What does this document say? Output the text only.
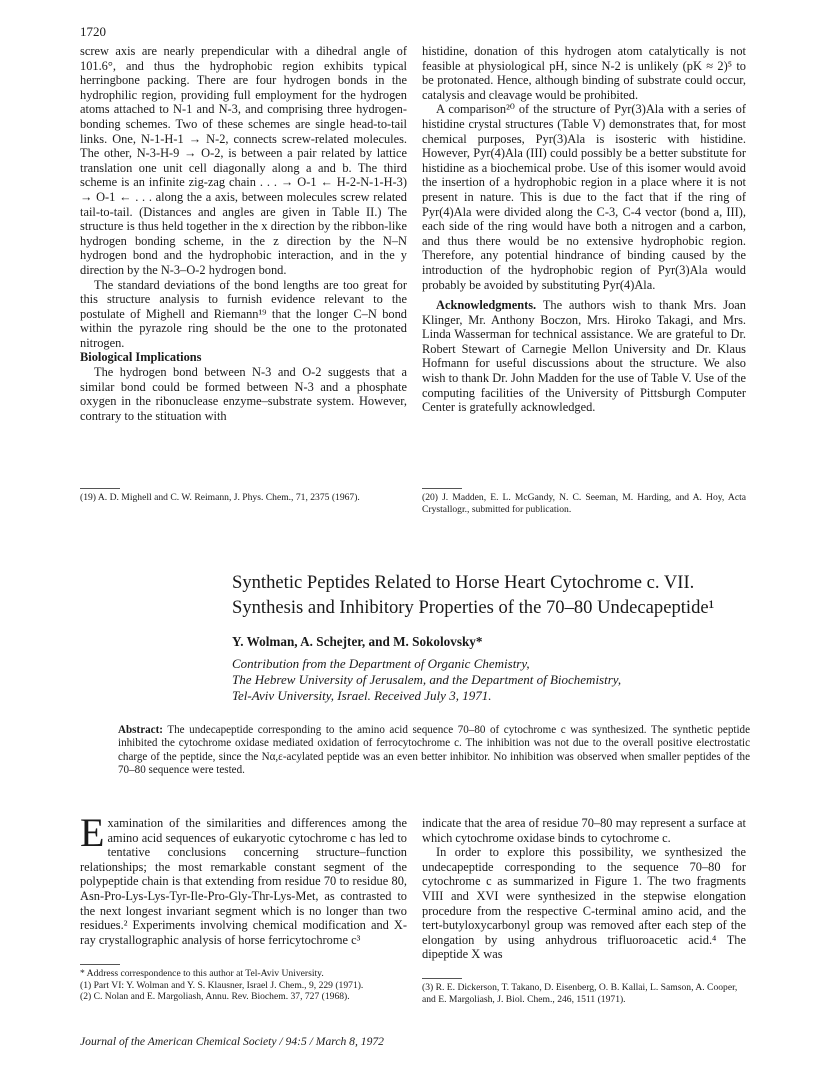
1720

screw axis are nearly prependicular with a dihedral angle of 101.6°, and thus the hydrophobic region exhibits typical herringbone packing. There are four hydrogen bonds in the hydrophilic region, providing full employment for the hydrogen atoms attached to N-1 and N-3, and comprising three hydrogen-bonding schemes. Two of these schemes are single head-to-tail links. One, N-1-H-1 → N-2, connects screw-related molecules. The other, N-3-H-9 → O-2, is between a pair related by lattice translation one unit cell diagonally along a and b. The third scheme is an infinite zig-zag chain . . . → O-1 ← H-2-N-1-H-3) → O-1 ← . . . along the a axis, between molecules screw related tail-to-tail. (Distances and angles are given in Table II.) The structure is thus held together in the x direction by the ribbon-like hydrogen bonding scheme, in the z direction by the N–N hydrogen bond and the hydrophobic interaction, and in the y direction by the N-3–O-2 hydrogen bond.

The standard deviations of the bond lengths are too great for this structure analysis to furnish evidence relevant to the postulate of Mighell and Riemann¹⁹ that the longer C–N bond within the pyrazole ring should be the one to the protonated nitrogen.

Biological Implications

The hydrogen bond between N-3 and O-2 suggests that a similar bond could be formed between N-3 and a phosphate oxygen in the ribonuclease enzyme–substrate system. However, contrary to the stituation with

(19) A. D. Mighell and C. W. Reimann, J. Phys. Chem., 71, 2375 (1967).

histidine, donation of this hydrogen atom catalytically is not feasible at physiological pH, since N-2 is unlikely (pK ≈ 2)⁵ to be protonated. Hence, although binding of substrate could occur, catalysis and cleavage would be prohibited.

A comparison²⁰ of the structure of Pyr(3)Ala with a series of histidine crystal structures (Table V) demonstrates that, for most chemical purposes, Pyr(3)Ala is isosteric with histidine. However, Pyr(4)Ala (III) could possibly be a better substitute for histidine as a biochemical probe. Use of this isomer would avoid the insertion of a hydrophobic region in a place where it is not present in nature. This is due to the fact that if the ring of Pyr(4)Ala were divided along the C-3, C-4 vector (bond a, III), each side of the ring would have both a nitrogen and a carbon, and thus there would be no extensive hydrophobic region. Therefore, any potential hindrance of binding caused by the introduction of the hydrophobic region of Pyr(3)Ala would probably be avoided by substituting Pyr(4)Ala.

Acknowledgments. The authors wish to thank Mrs. Joan Klinger, Mr. Anthony Boczon, Mrs. Hiroko Takagi, and Mrs. Linda Wasserman for technical assistance. We are grateful to Dr. Robert Stewart of Carnegie Mellon University and Dr. Klaus Hofmann for useful discussions about the structure. We also wish to thank Dr. John Madden for the use of Table V. Use of the computing facilities of the University of Pittsburgh Computer Center is gratefully acknowledged.

(20) J. Madden, E. L. McGandy, N. C. Seeman, M. Harding, and A. Hoy, Acta Crystallogr., submitted for publication.

Synthetic Peptides Related to Horse Heart Cytochrome c. VII.

Synthesis and Inhibitory Properties of the 70–80 Undecapeptide¹

Y. Wolman, A. Schejter, and M. Sokolovsky*
Contribution from the Department of Organic Chemistry,
The Hebrew University of Jerusalem, and the Department of Biochemistry,
Tel-Aviv University, Israel. Received July 3, 1971.
Abstract: The undecapeptide corresponding to the amino acid sequence 70–80 of cytochrome c was synthesized. The synthetic peptide inhibited the cytochrome oxidase mediated oxidation of ferrocytochrome c. The inhibition was not due to the overall positive electrostatic charge of the peptide, since the Nα,ε-acylated peptide was an even better inhibitor. No inhibition was observed when smaller peptides of the 70–80 sequence were tested.

Examination of the similarities and differences among the amino acid sequences of eukaryotic cytochrome c has led to tentative conclusions concerning structure–function relationships; the most remarkable constant segment of the polypeptide chain is that extending from residue 70 to residue 80, Asn-Pro-Lys-Lys-Tyr-Ile-Pro-Gly-Thr-Lys-Met, as contrasted to the next longest invariant segment which is no longer than two residues.² Experiments involving chemical modification and X-ray crystallographic analysis of horse ferricytochrome c³

* Address correspondence to this author at Tel-Aviv University.

(1) Part VI: Y. Wolman and Y. S. Klausner, Israel J. Chem., 9, 229 (1971).

(2) C. Nolan and E. Margoliash, Annu. Rev. Biochem. 37, 727 (1968).

indicate that the area of residue 70–80 may represent a surface at which cytochrome oxidase binds to cytochrome c.

In order to explore this possibility, we synthesized the undecapeptide corresponding to the sequence 70–80 for cytochrome c as summarized in Figure 1. The two fragments VIII and XVI were synthesized in the stepwise elongation procedure from the respective C-terminal amino acid, and the tert-butyloxycarbonyl group was removed after each step of the elongation by using anhydrous trifluoroacetic acid.⁴ The dipeptide X was

(3) R. E. Dickerson, T. Takano, D. Eisenberg, O. B. Kallai, L. Samson, A. Cooper, and E. Margoliash, J. Biol. Chem., 246, 1511 (1971).

Journal of the American Chemical Society / 94:5 / March 8, 1972
